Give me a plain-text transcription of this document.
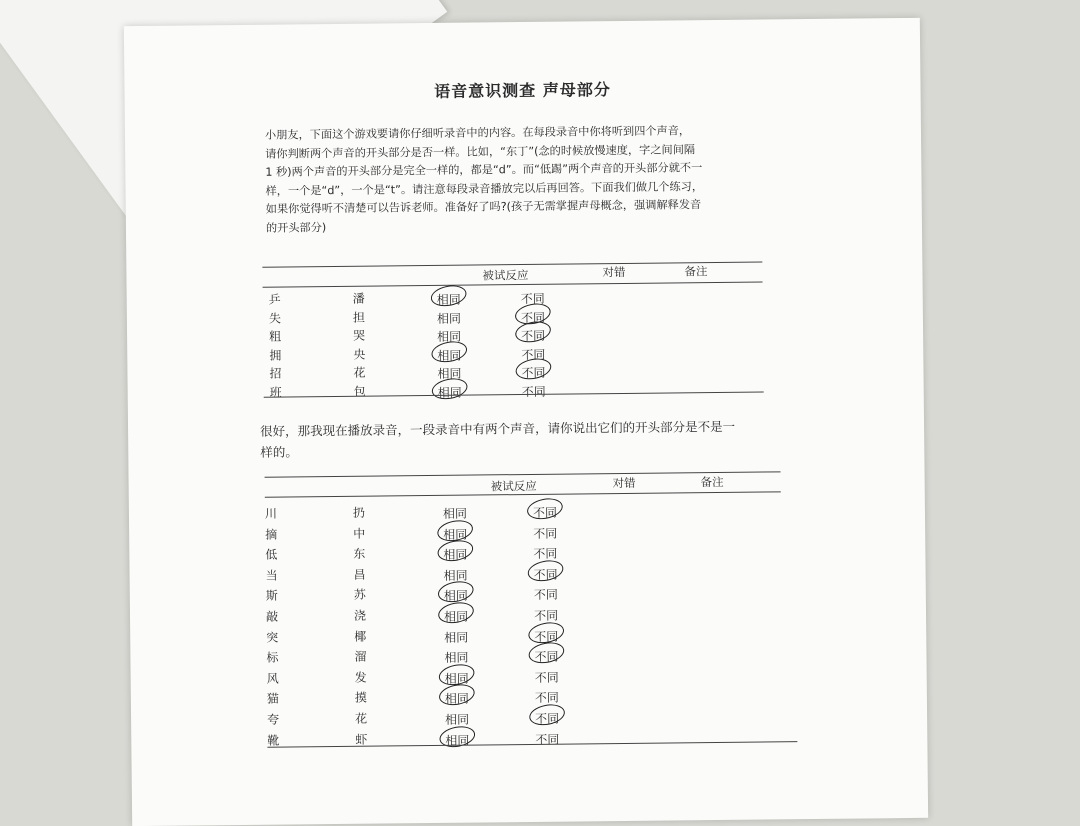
语音意识测查 声母部分
小朋友，下面这个游戏要请你仔细听录音中的内容。在每段录音中你将听到四个声音，
请你判断两个声音的开头部分是否一样。比如，“东丁”(念的时候放慢速度，字之间间隔
1 秒)两个声音的开头部分是完全一样的，都是“d”。而“低踢”两个声音的开头部分就不一
样，一个是“d”，一个是“t”。请注意每段录音播放完以后再回答。下面我们做几个练习，
如果你觉得听不清楚可以告诉老师。准备好了吗?(孩子无需掌握声母概念，强调解释发音
的开头部分)
被试反应	对错	备注
乒	潘	相同	不同
失	担	相同	不同
粗	哭	相同	不同
拥	央	相同	不同
招	花	相同	不同
班	包	相同	不同
很好，那我现在播放录音，一段录音中有两个声音，请你说出它们的开头部分是不是一
样的。
被试反应	对错	备注
川	扔	相同	不同
摘	中	相同	不同
低	东	相同	不同
当	昌	相同	不同
斯	苏	相同	不同
敲	浇	相同	不同
突	椰	相同	不同
标	溜	相同	不同
风	发	相同	不同
猫	摸	相同	不同
夸	花	相同	不同
靴	虾	相同	不同
